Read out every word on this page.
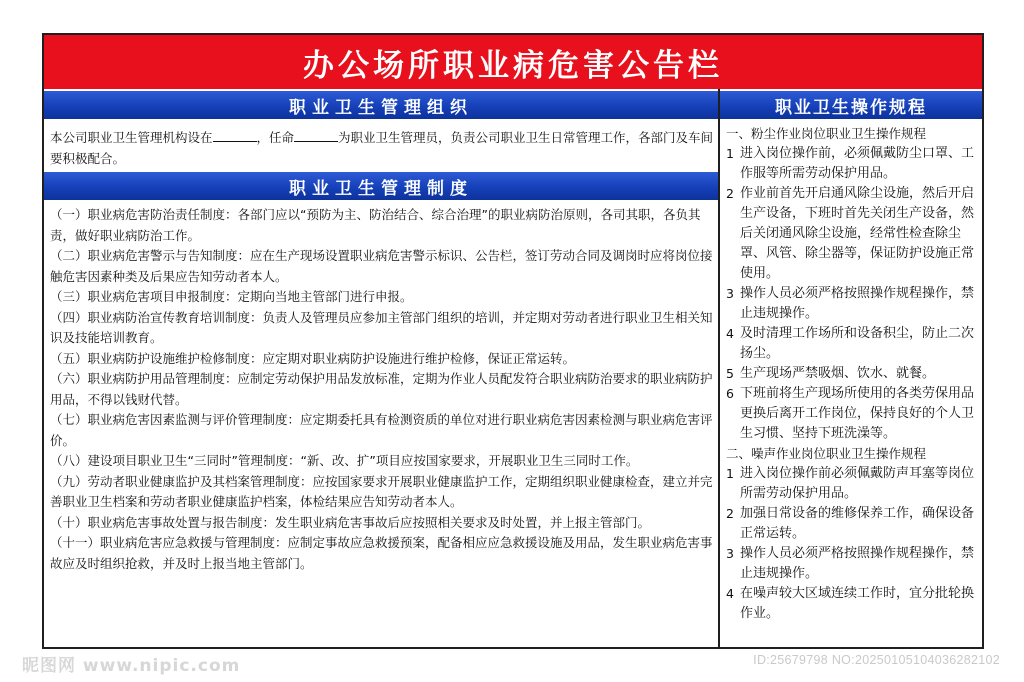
办公场所职业病危害公告栏
职业卫生管理组织
本公司职业卫生管理机构设在	，任命	为职业卫生管理员，负责公司职业卫生日常管理工作，各部门及车间要积极配合。
职业卫生管理制度
（一）职业病危害防治责任制度：各部门应以“预防为主、防治结合、综合治理”的职业病防治原则，各司其职，各负其责，做好职业病防治工作。
（二）职业病危害警示与告知制度：应在生产现场设置职业病危害警示标识、公告栏，签订劳动合同及调岗时应将岗位接触危害因素种类及后果应告知劳动者本人。
（三）职业病危害项目申报制度：定期向当地主管部门进行申报。
（四）职业病防治宣传教育培训制度：负责人及管理员应参加主管部门组织的培训，并定期对劳动者进行职业卫生相关知识及技能培训教育。
（五）职业病防护设施维护检修制度：应定期对职业病防护设施进行维护检修，保证正常运转。
（六）职业病防护用品管理制度：应制定劳动保护用品发放标准，定期为作业人员配发符合职业病防治要求的职业病防护用品，不得以钱财代替。
（七）职业病危害因素监测与评价管理制度：应定期委托具有检测资质的单位对进行职业病危害因素检测与职业病危害评价。
（八）建设项目职业卫生“三同时”管理制度：“新、改、扩”项目应按国家要求，开展职业卫生三同时工作。
（九）劳动者职业健康监护及其档案管理制度：应按国家要求开展职业健康监护工作，定期组织职业健康检查，建立并完善职业卫生档案和劳动者职业健康监护档案，体检结果应告知劳动者本人。
（十）职业病危害事故处置与报告制度：发生职业病危害事故后应按照相关要求及时处置，并上报主管部门。
（十一）职业病危害应急救援与管理制度：应制定事故应急救援预案，配备相应应急救援设施及用品，发生职业病危害事故应及时组织抢救，并及时上报当地主管部门。
职业卫生操作规程
一、粉尘作业岗位职业卫生操作规程
1 进入岗位操作前，必须佩戴防尘口罩、工作服等所需劳动保护用品。
2 作业前首先开启通风除尘设施，然后开启生产设备，下班时首先关闭生产设备，然后关闭通风除尘设施，经常性检查除尘罩、风管、除尘器等，保证防护设施正常使用。
3 操作人员必须严格按照操作规程操作，禁止违规操作。
4 及时清理工作场所和设备积尘，防止二次扬尘。
5 生产现场严禁吸烟、饮水、就餐。
6 下班前将生产现场所使用的各类劳保用品更换后离开工作岗位，保持良好的个人卫生习惯、坚持下班洗澡等。
二、噪声作业岗位职业卫生操作规程
1 进入岗位操作前必须佩戴防声耳塞等岗位所需劳动保护用品。
2 加强日常设备的维修保养工作，确保设备正常运转。
3 操作人员必须严格按照操作规程操作，禁止违规操作。
4 在噪声较大区域连续工作时，宜分批轮换作业。
昵图网 www.nipic.com	ID:25679798 NO:20250105104036282102
